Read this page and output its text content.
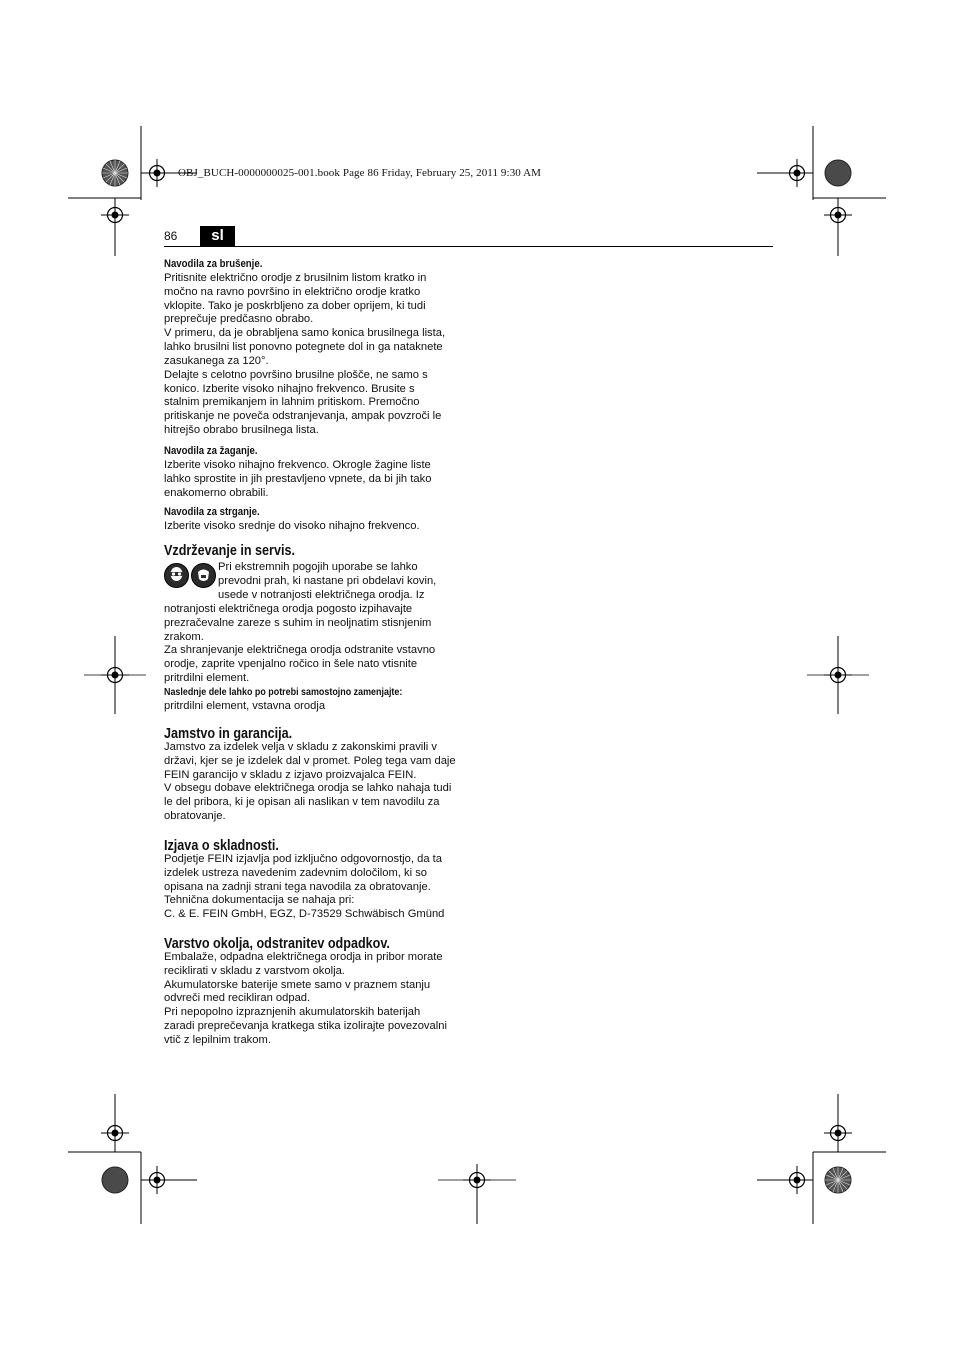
OBJ_BUCH-0000000025-001.book Page 86 Friday, February 25, 2011 9:30 AM
86	sl
Navodila za brušenje.

Pritisnite električno orodje z brusilnim listom kratko in
močno na ravno površino in električno orodje kratko
vklopite. Tako je poskrbljeno za dober oprijem, ki tudi
preprečuje predčasno obrabo.

V primeru, da je obrabljena samo konica brusilnega lista,
lahko brusilni list ponovno potegnete dol in ga nataknete
zasukanega za 120°.

Delajte s celotno površino brusilne plošče, ne samo s
konico. Izberite visoko nihajno frekvenco. Brusite s
stalnim premikanjem in lahnim pritiskom. Premočno
pritiskanje ne poveča odstranjevanja, ampak povzroči le
hitrejšo obrabo brusilnega lista.

Navodila za žaganje.

Izberite visoko nihajno frekvenco. Okrogle žagine liste
lahko sprostite in jih prestavljeno vpnete, da bi jih tako
enakomerno obrabili.

Navodila za strganje.

Izberite visoko srednje do visoko nihajno frekvenco.

Vzdrževanje in servis.
Pri ekstremnih pogojih uporabe se lahko
prevodni prah, ki nastane pri obdelavi kovin,
usede v notranjosti električnega orodja. Iz

notranjosti električnega orodja pogosto izpihavajte
prezračevalne zareze s suhim in neoljnatim stisnjenim
zrakom.

Za shranjevanje električnega orodja odstranite vstavno
orodje, zaprite vpenjalno ročico in šele nato vtisnite
pritrdilni element.

Naslednje dele lahko po potrebi samostojno zamenjajte:
pritrdilni element, vstavna orodja
Jamstvo in garancija.

Jamstvo za izdelek velja v skladu z zakonskimi pravili v
državi, kjer se je izdelek dal v promet. Poleg tega vam daje
FEIN garancijo v skladu z izjavo proizvajalca FEIN.

V obsegu dobave električnega orodja se lahko nahaja tudi
le del pribora, ki je opisan ali naslikan v tem navodilu za
obratovanje.

Izjava o skladnosti.

Podjetje FEIN izjavlja pod izključno odgovornostjo, da ta
izdelek ustreza navedenim zadevnim določilom, ki so
opisana na zadnji strani tega navodila za obratovanje.

Tehnična dokumentacija se nahaja pri:
C. & E. FEIN GmbH, EGZ, D-73529 Schwäbisch Gmünd

Varstvo okolja, odstranitev odpadkov.

Embalaže, odpadna električnega orodja in pribor morate
reciklirati v skladu z varstvom okolja.

Akumulatorske baterije smete samo v praznem stanju
odvreči med recikliran odpad.

Pri nepopolno izpraznjenih akumulatorskih baterijah
zaradi preprečevanja kratkega stika izolirajte povezovalni
vtič z lepilnim trakom.
